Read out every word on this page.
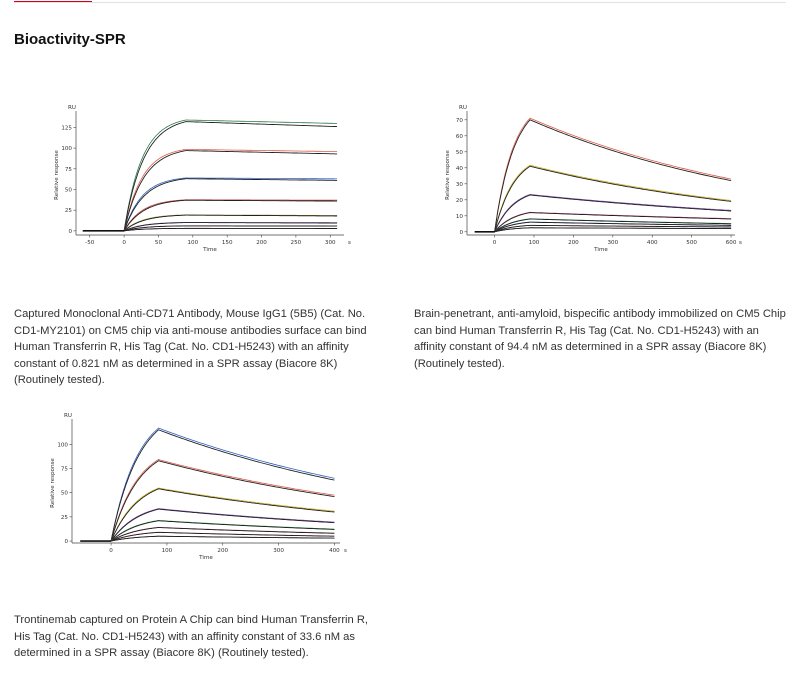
Bioactivity-SPR
0
25
50
75
100
125
-50	0	50	100	150	200	250	300
RU
s
Time
Relative response
0
10
20
30
40
50
60
70
0	100	200	300	400	500	600
RU
s
Time
Relative response
0
25
50
75
100
0	100	200	300	400
RU
s
Time
Relative response

Captured Monoclonal Anti-CD71 Antibody, Mouse IgG1 (5B5) (Cat. No. CD1-MY2101) on CM5 chip via anti-mouse antibodies surface can bind Human Transferrin R, His Tag (Cat. No. CD1-H5243) with an affinity constant of 0.821 nM as determined in a SPR assay (Biacore 8K) (Routinely tested).

Brain-penetrant, anti-amyloid, bispecific antibody immobilized on CM5 Chip can bind Human Transferrin R, His Tag (Cat. No. CD1-H5243) with an affinity constant of 94.4 nM as determined in a SPR assay (Biacore 8K) (Routinely tested).

Trontinemab captured on Protein A Chip can bind Human Transferrin R, His Tag (Cat. No. CD1-H5243) with an affinity constant of 33.6 nM as determined in a SPR assay (Biacore 8K) (Routinely tested).
